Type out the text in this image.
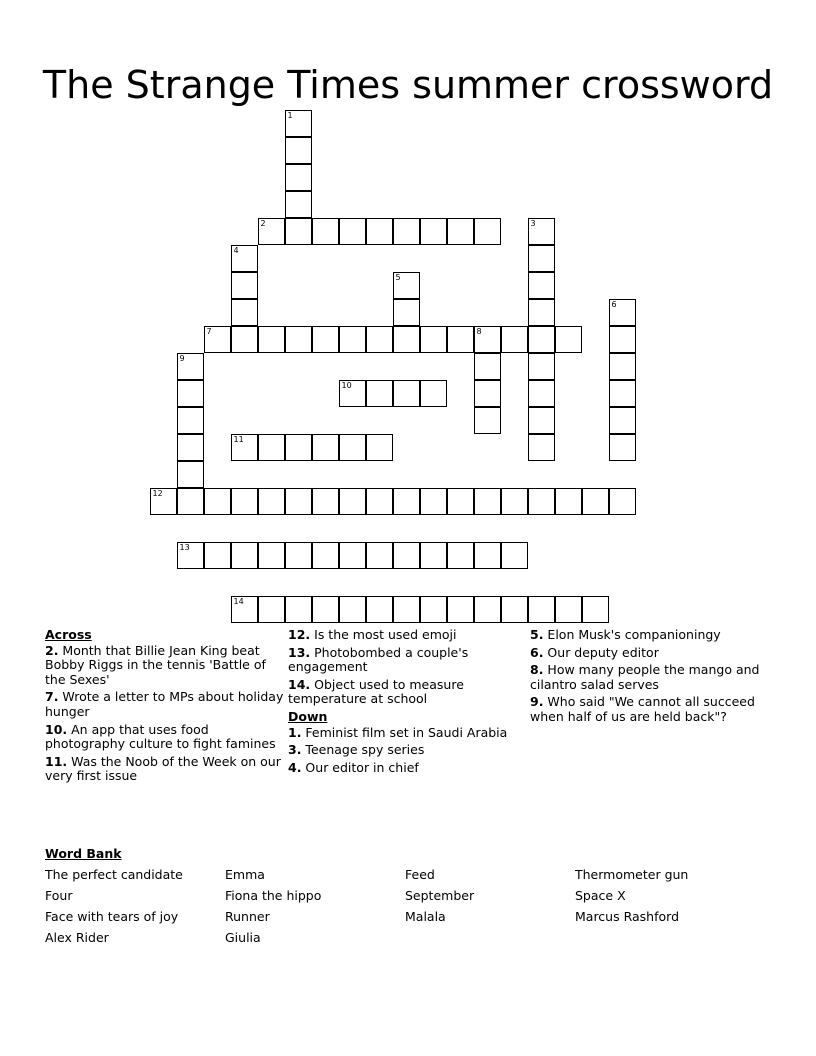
The Strange Times summer crossword
1
2	3
4
5
6
7	8
9
10
11
12
13
14
Across
2. Month that Billie Jean King beat Bobby Riggs in the tennis 'Battle of the Sexes'
7. Wrote a letter to MPs about holiday hunger
10. An app that uses food photography culture to fight famines
11. Was the Noob of the Week on our very first issue
12. Is the most used emoji
13. Photobombed a couple's engagement
14. Object used to measure temperature at school
Down
1. Feminist film set in Saudi Arabia
3. Teenage spy series
4. Our editor in chief
5. Elon Musk's companioningy
6. Our deputy editor
8. How many people the mango and cilantro salad serves
9. Who said "We cannot all succeed when half of us are held back"?
Word Bank
The perfect candidate	Emma	Feed	Thermometer gun
Four	Fiona the hippo	September	Space X
Face with tears of joy	Runner	Malala	Marcus Rashford
Alex Rider	Giulia
